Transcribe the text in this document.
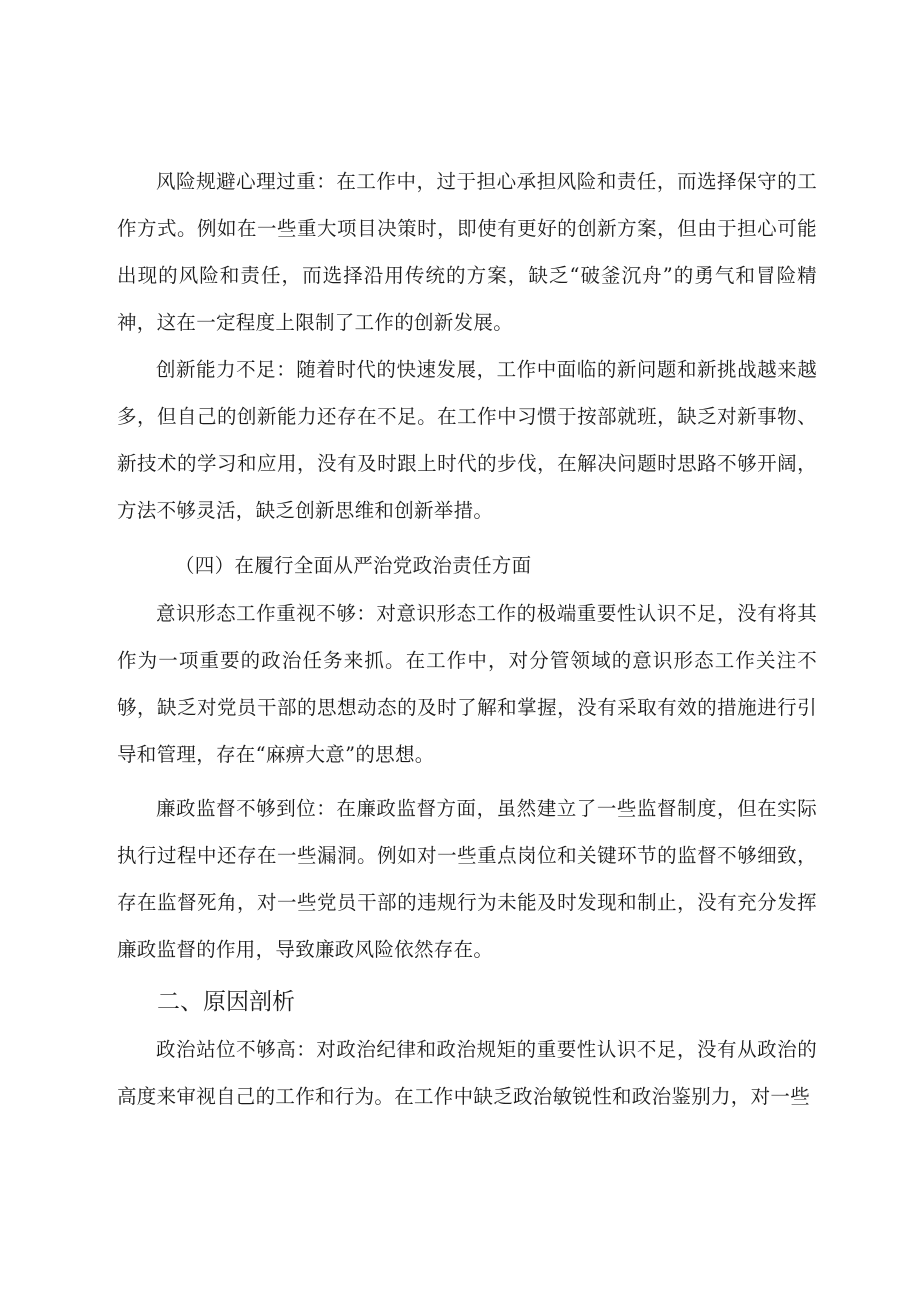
风险规避心理过重：在工作中，过于担心承担风险和责任，而选择保守的工作方式。例如在一些重大项目决策时，即使有更好的创新方案，但由于担心可能出现的风险和责任，而选择沿用传统的方案，缺乏“破釜沉舟”的勇气和冒险精神，这在一定程度上限制了工作的创新发展。

创新能力不足：随着时代的快速发展，工作中面临的新问题和新挑战越来越多，但自己的创新能力还存在不足。在工作中习惯于按部就班，缺乏对新事物、新技术的学习和应用，没有及时跟上时代的步伐，在解决问题时思路不够开阔，方法不够灵活，缺乏创新思维和创新举措。

（四）在履行全面从严治党政治责任方面

意识形态工作重视不够：对意识形态工作的极端重要性认识不足，没有将其作为一项重要的政治任务来抓。在工作中，对分管领域的意识形态工作关注不够，缺乏对党员干部的思想动态的及时了解和掌握，没有采取有效的措施进行引导和管理，存在“麻痹大意”的思想。

廉政监督不够到位：在廉政监督方面，虽然建立了一些监督制度，但在实际执行过程中还存在一些漏洞。例如对一些重点岗位和关键环节的监督不够细致，存在监督死角，对一些党员干部的违规行为未能及时发现和制止，没有充分发挥廉政监督的作用，导致廉政风险依然存在。

二、原因剖析

政治站位不够高：对政治纪律和政治规矩的重要性认识不足，没有从政治的高度来审视自己的工作和行为。在工作中缺乏政治敏锐性和政治鉴别力，对一些
